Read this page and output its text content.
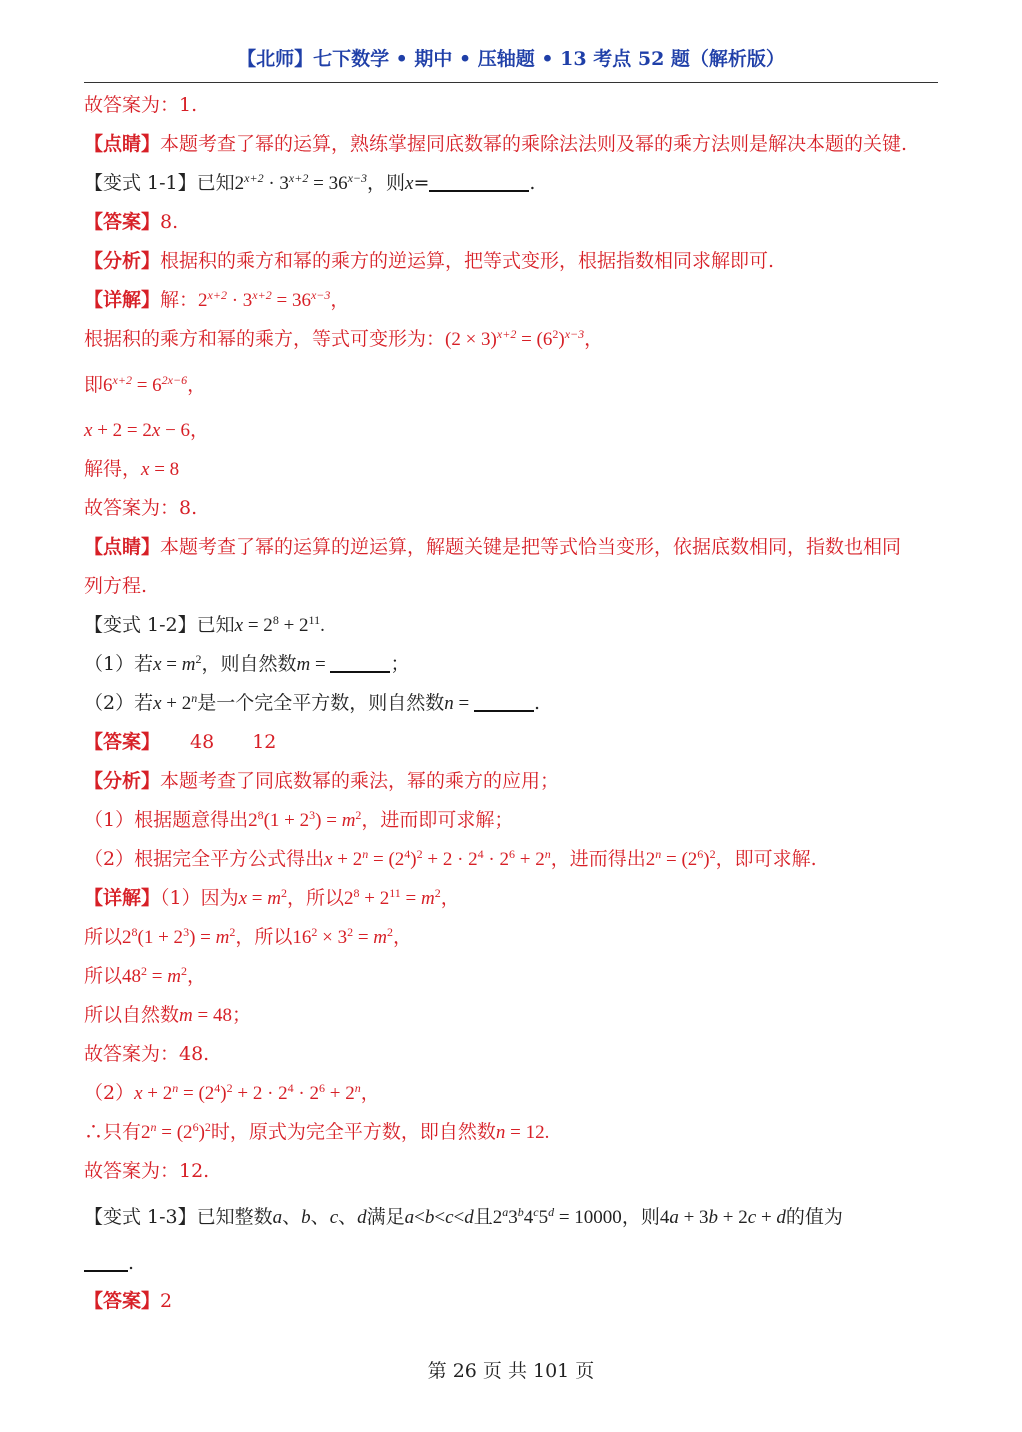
【北师】七下数学 • 期中 • 压轴题 • 13 考点 52 题（解析版）
故答案为：1.
【点睛】本题考查了幂的运算，熟练掌握同底数幂的乘除法法则及幂的乘方法则是解决本题的关键.
【变式 1-1】已知$2^{x+2} \cdot 3^{x+2} = 36^{x-3}$，则x=	.
【答案】8.
【分析】根据积的乘方和幂的乘方的逆运算，把等式变形，根据指数相同求解即可.
【详解】解：$2^{x+2} \cdot 3^{x+2} = 36^{x-3}$，
根据积的乘方和幂的乘方，等式可变形为：$(2 \times 3)^{x+2} = (6^2)^{x-3}$，
即$6^{x+2} = 6^{2x-6}$，
x + 2 = 2x − 6，
解得，x = 8
故答案为：8.
【点睛】本题考查了幂的运算的逆运算，解题关键是把等式恰当变形，依据底数相同，指数也相同
列方程.
【变式 1-2】已知$x = 2^8 + 2^{11}$.
（1）若$x = m^2$，则自然数m =	；
（2）若$x + 2^n$是一个完全平方数，则自然数n =	.
【答案】 48 12
【分析】本题考查了同底数幂的乘法，幂的乘方的应用；
（1）根据题意得出$2^8(1 + 2^3) = m^2$，进而即可求解；
（2）根据完全平方公式得出$x + 2^n = (2^4)^2 + 2 \cdot 2^4 \cdot 2^6 + 2^n$，进而得出$2^n = (2^6)^2$，即可求解.
【详解】（1）因为$x = m^2$，所以$2^8 + 2^{11} = m^2$，
所以$2^8(1 + 2^3) = m^2$，所以$16^2 \times 3^2 = m^2$，
所以$48^2 = m^2$，
所以自然数m = 48；
故答案为：48.
$(2)x + 2^n = (2^4)^2 + 2 \cdot 2^4 \cdot 2^6 + 2^n$，
∴只有$2^n = (2^6)^2$时，原式为完全平方数，即自然数n = 12.
故答案为：12.
【变式 1-3】已知整数a、b、c、d满足a<b<c<d且$2^a3^b4^c5^d = 10000$，则4a + 3b + 2c + d的值为
.
【答案】2
第 26 页 共 101 页
